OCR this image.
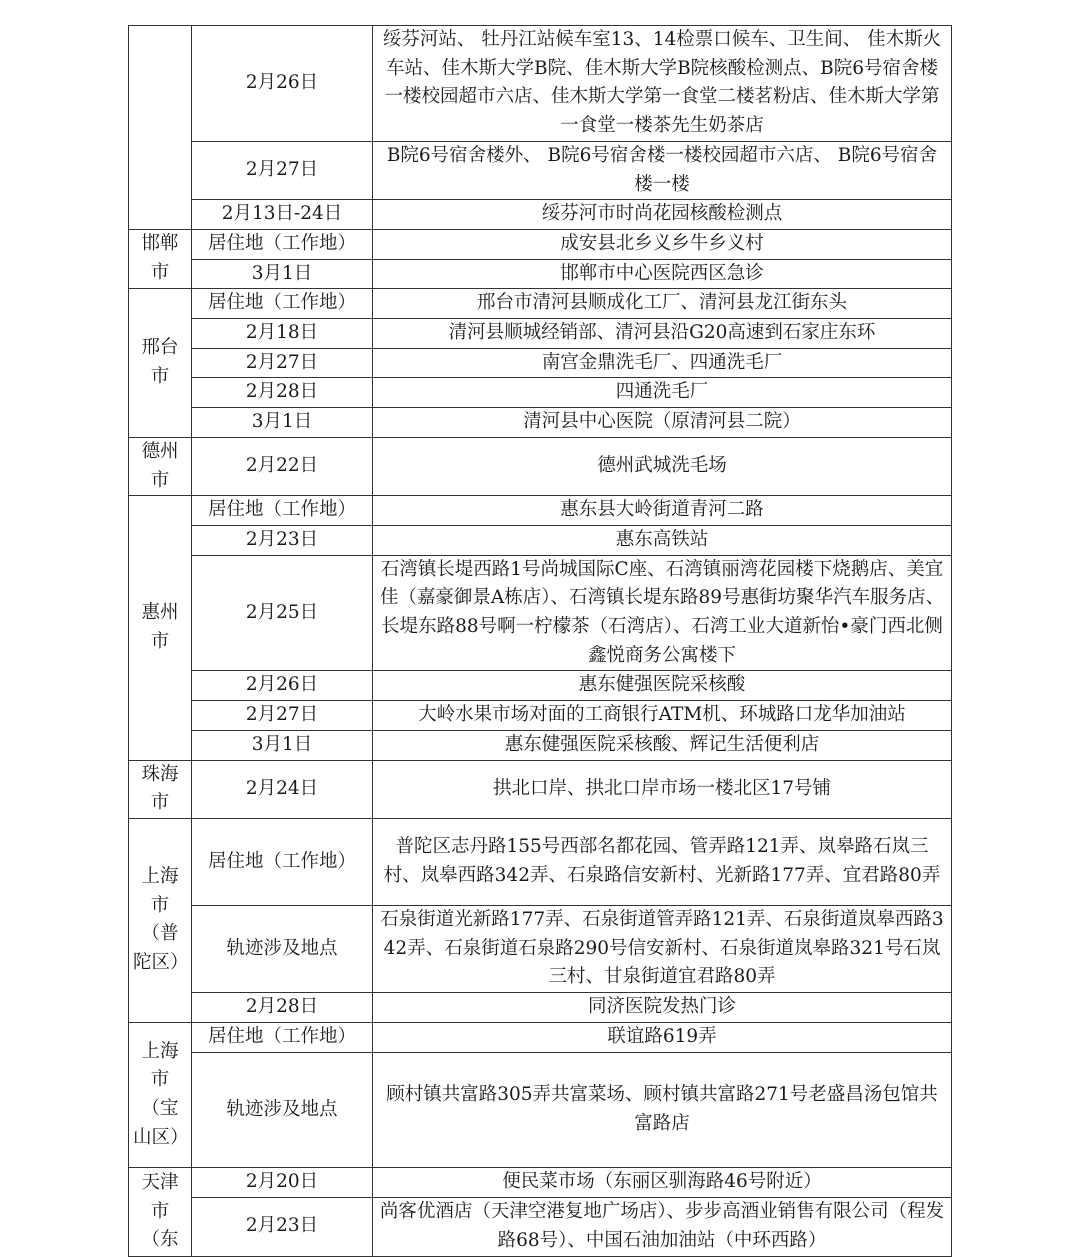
	2月26日	绥芬河站、 牡丹江站候车室13、14检票口候车、卫生间、 佳木斯火车站、佳木斯大学B院、佳木斯大学B院核酸检测点、B院6号宿舍楼一楼校园超市六店、佳木斯大学第一食堂二楼茗粉店、佳木斯大学第一食堂一楼茶先生奶茶店
	2月27日	B院6号宿舍楼外、 B院6号宿舍楼一楼校园超市六店、 B院6号宿舍楼一楼
	2月13日-24日	绥芬河市时尚花园核酸检测点
邯郸市	居住地（工作地）	成安县北乡义乡牛乡义村
	3月1日	邯郸市中心医院西区急诊
邢台市	居住地（工作地）	邢台市清河县顺成化工厂、清河县龙江街东头
	2月18日	清河县顺城经销部、清河县沿G20高速到石家庄东环
	2月27日	南宫金鼎洗毛厂、四通洗毛厂
	2月28日	四通洗毛厂
	3月1日	清河县中心医院（原清河县二院）
德州市	2月22日	德州武城洗毛场
惠州市	居住地（工作地）	惠东县大岭街道青河二路
	2月23日	惠东高铁站
	2月25日	石湾镇长堤西路1号尚城国际C座、石湾镇丽湾花园楼下烧鹅店、美宜佳（嘉豪御景A栋店）、石湾镇长堤东路89号惠街坊聚华汽车服务店、长堤东路88号啊一柠檬茶（石湾店）、石湾工业大道新怡•豪门西北侧鑫悦商务公寓楼下
	2月26日	惠东健强医院采核酸
	2月27日	大岭水果市场对面的工商银行ATM机、环城路口龙华加油站
	3月1日	惠东健强医院采核酸、辉记生活便利店
珠海市	2月24日	拱北口岸、拱北口岸市场一楼北区17号铺
上海市（普陀区）	居住地（工作地）	普陀区志丹路155号西部名都花园、管弄路121弄、岚皋路石岚三村、岚皋西路342弄、石泉路信安新村、光新路177弄、宜君路80弄
	轨迹涉及地点	石泉街道光新路177弄、石泉街道管弄路121弄、石泉街道岚皋西路342弄、石泉街道石泉路290号信安新村、石泉街道岚皋路321号石岚三村、甘泉街道宜君路80弄
	2月28日	同济医院发热门诊
上海市（宝山区）	居住地（工作地）	联谊路619弄
	轨迹涉及地点	顾村镇共富路305弄共富菜场、顾村镇共富路271号老盛昌汤包馆共富路店
天津市（东	2月20日	便民菜市场（东丽区驯海路46号附近）
	2月23日	尚客优酒店（天津空港复地广场店）、步步高酒业销售有限公司（程发路68号）、中国石油加油站（中环西路）
